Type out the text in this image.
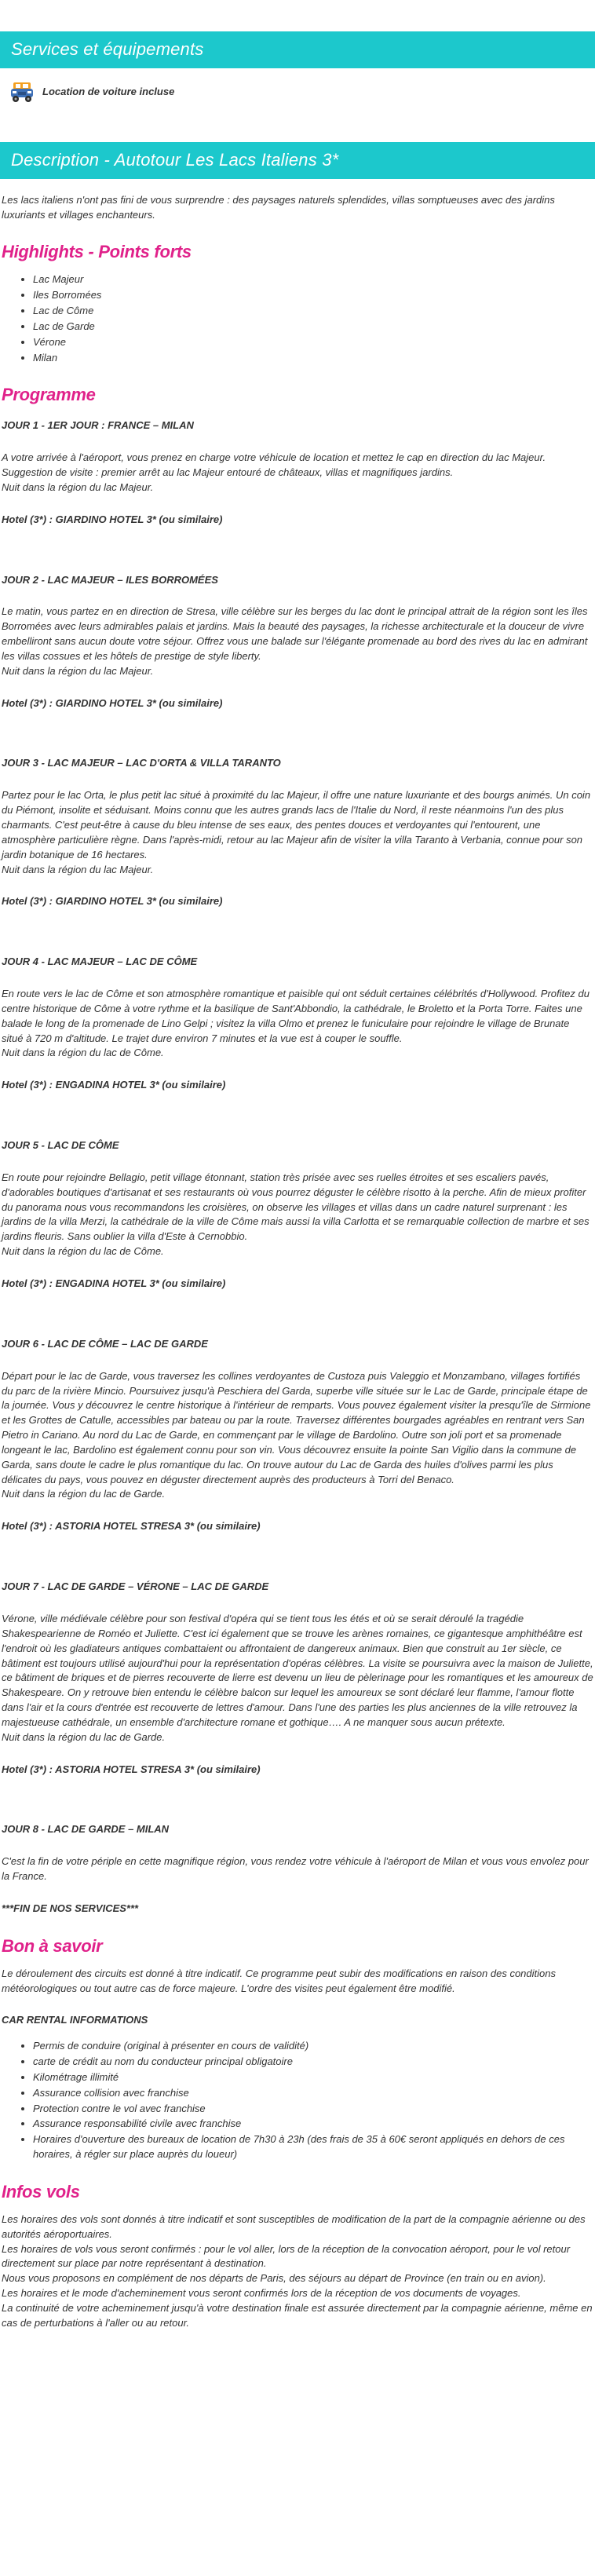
Services et équipements
Location de voiture incluse
Description - Autotour Les Lacs Italiens 3*

Les lacs italiens n'ont pas fini de vous surprendre : des paysages naturels splendides, villas somptueuses avec des jardins luxuriants et villages enchanteurs.

Highlights - Points forts
• Lac Majeur
• Iles Borromées
• Lac de Côme
• Lac de Garde
• Vérone
• Milan
Programme
JOUR 1 - 1ER JOUR : FRANCE – MILAN

A votre arrivée à l'aéroport, vous prenez en charge votre véhicule de location et mettez le cap en direction du lac Majeur.

Suggestion de visite : premier arrêt au lac Majeur entouré de châteaux, villas et magnifiques jardins.

Nuit dans la région du lac Majeur.

Hotel (3*) : GIARDINO HOTEL 3* (ou similaire)
JOUR 2 - LAC MAJEUR – ILES BORROMÉES

Le matin, vous partez en en direction de Stresa, ville célèbre sur les berges du lac dont le principal attrait de la région sont les îles Borromées avec leurs admirables palais et jardins. Mais la beauté des paysages, la richesse architecturale et la douceur de vivre embelliront sans aucun doute votre séjour. Offrez vous une balade sur l'élégante promenade au bord des rives du lac en admirant les villas cossues et les hôtels de prestige de style liberty.

Nuit dans la région du lac Majeur.

Hotel (3*) : GIARDINO HOTEL 3* (ou similaire)
JOUR 3 - LAC MAJEUR – LAC D'ORTA & VILLA TARANTO

Partez pour le lac Orta, le plus petit lac situé à proximité du lac Majeur, il offre une nature luxuriante et des bourgs animés. Un coin du Piémont, insolite et séduisant. Moins connu que les autres grands lacs de l'Italie du Nord, il reste néanmoins l'un des plus charmants. C'est peut-être à cause du bleu intense de ses eaux, des pentes douces et verdoyantes qui l'entourent, une atmosphère particulière règne. Dans l'après-midi, retour au lac Majeur afin de visiter la villa Taranto à Verbania, connue pour son jardin botanique de 16 hectares.

Nuit dans la région du lac Majeur.

Hotel (3*) : GIARDINO HOTEL 3* (ou similaire)
JOUR 4 - LAC MAJEUR – LAC DE CÔME

En route vers le lac de Côme et son atmosphère romantique et paisible qui ont séduit certaines célébrités d'Hollywood. Profitez du centre historique de Côme à votre rythme et la basilique de Sant'Abbondio, la cathédrale, le Broletto et la Porta Torre. Faites une balade le long de la promenade de Lino Gelpi ; visitez la villa Olmo et prenez le funiculaire pour rejoindre le village de Brunate situé à 720 m d'altitude. Le trajet dure environ 7 minutes et la vue est à couper le souffle.

Nuit dans la région du lac de Côme.

Hotel (3*) : ENGADINA HOTEL 3* (ou similaire)
JOUR 5 - LAC DE CÔME

En route pour rejoindre Bellagio, petit village étonnant, station très prisée avec ses ruelles étroites et ses escaliers pavés, d'adorables boutiques d'artisanat et ses restaurants où vous pourrez déguster le célèbre risotto à la perche. Afin de mieux profiter du panorama nous vous recommandons les croisières, on observe les villages et villas dans un cadre naturel surprenant : les jardins de la villa Merzi, la cathédrale de la ville de Côme mais aussi la villa Carlotta et se remarquable collection de marbre et ses jardins fleuris. Sans oublier la villa d'Este à Cernobbio.

Nuit dans la région du lac de Côme.

Hotel (3*) : ENGADINA HOTEL 3* (ou similaire)
JOUR 6 - LAC DE CÔME – LAC DE GARDE

Départ pour le lac de Garde, vous traversez les collines verdoyantes de Custoza puis Valeggio et Monzambano, villages fortifiés du parc de la rivière Mincio. Poursuivez jusqu'à Peschiera del Garda, superbe ville située sur le Lac de Garde, principale étape de la journée. Vous y découvrez le centre historique à l'intérieur de remparts. Vous pouvez également visiter la presqu'île de Sirmione et les Grottes de Catulle, accessibles par bateau ou par la route. Traversez différentes bourgades agréables en rentrant vers San Pietro in Cariano. Au nord du Lac de Garde, en commençant par le village de Bardolino. Outre son joli port et sa promenade longeant le lac, Bardolino est également connu pour son vin. Vous découvrez ensuite la pointe San Vigilio dans la commune de Garda, sans doute le cadre le plus romantique du lac. On trouve autour du Lac de Garda des huiles d'olives parmi les plus délicates du pays, vous pouvez en déguster directement auprès des producteurs à Torri del Benaco.

Nuit dans la région du lac de Garde.

Hotel (3*) : ASTORIA HOTEL STRESA 3* (ou similaire)
JOUR 7 - LAC DE GARDE – VÉRONE – LAC DE GARDE

Vérone, ville médiévale célèbre pour son festival d'opéra qui se tient tous les étés et où se serait déroulé la tragédie Shakespearienne de Roméo et Juliette. C'est ici également que se trouve les arènes romaines, ce gigantesque amphithéâtre est l'endroit où les gladiateurs antiques combattaient ou affrontaient de dangereux animaux. Bien que construit au 1er siècle, ce bâtiment est toujours utilisé aujourd'hui pour la représentation d'opéras célèbres. La visite se poursuivra avec la maison de Juliette, ce bâtiment de briques et de pierres recouverte de lierre est devenu un lieu de pèlerinage pour les romantiques et les amoureux de Shakespeare. On y retrouve bien entendu le célèbre balcon sur lequel les amoureux se sont déclaré leur flamme, l'amour flotte dans l'air et la cours d'entrée est recouverte de lettres d'amour. Dans l'une des parties les plus anciennes de la ville retrouvez la majestueuse cathédrale, un ensemble d'architecture romane et gothique…. A ne manquer sous aucun prétexte.

Nuit dans la région du lac de Garde.

Hotel (3*) : ASTORIA HOTEL STRESA 3* (ou similaire)
JOUR 8 - LAC DE GARDE – MILAN

C'est la fin de votre périple en cette magnifique région, vous rendez votre véhicule à l'aéroport de Milan et vous vous envolez pour la France.

***FIN DE NOS SERVICES***
Bon à savoir

Le déroulement des circuits est donné à titre indicatif. Ce programme peut subir des modifications en raison des conditions météorologiques ou tout autre cas de force majeure. L'ordre des visites peut également être modifié.

CAR RENTAL INFORMATIONS
• Permis de conduire (original à présenter en cours de validité)
• carte de crédit au nom du conducteur principal obligatoire
• Kilométrage illimité
• Assurance collision avec franchise
• Protection contre le vol avec franchise
• Assurance responsabilité civile avec franchise
• Horaires d'ouverture des bureaux de location de 7h30 à 23h (des frais de 35 à 60€ seront appliqués en dehors de ces horaires, à régler sur place auprès du loueur)
Infos vols

Les horaires des vols sont donnés à titre indicatif et sont susceptibles de modification de la part de la compagnie aérienne ou des autorités aéroportuaires.

Les horaires de vols vous seront confirmés : pour le vol aller, lors de la réception de la convocation aéroport, pour le vol retour directement sur place par notre représentant à destination.

Nous vous proposons en complément de nos départs de Paris, des séjours au départ de Province (en train ou en avion).

Les horaires et le mode d'acheminement vous seront confirmés lors de la réception de vos documents de voyages.

La continuité de votre acheminement jusqu'à votre destination finale est assurée directement par la compagnie aérienne, même en cas de perturbations à l'aller ou au retour.
